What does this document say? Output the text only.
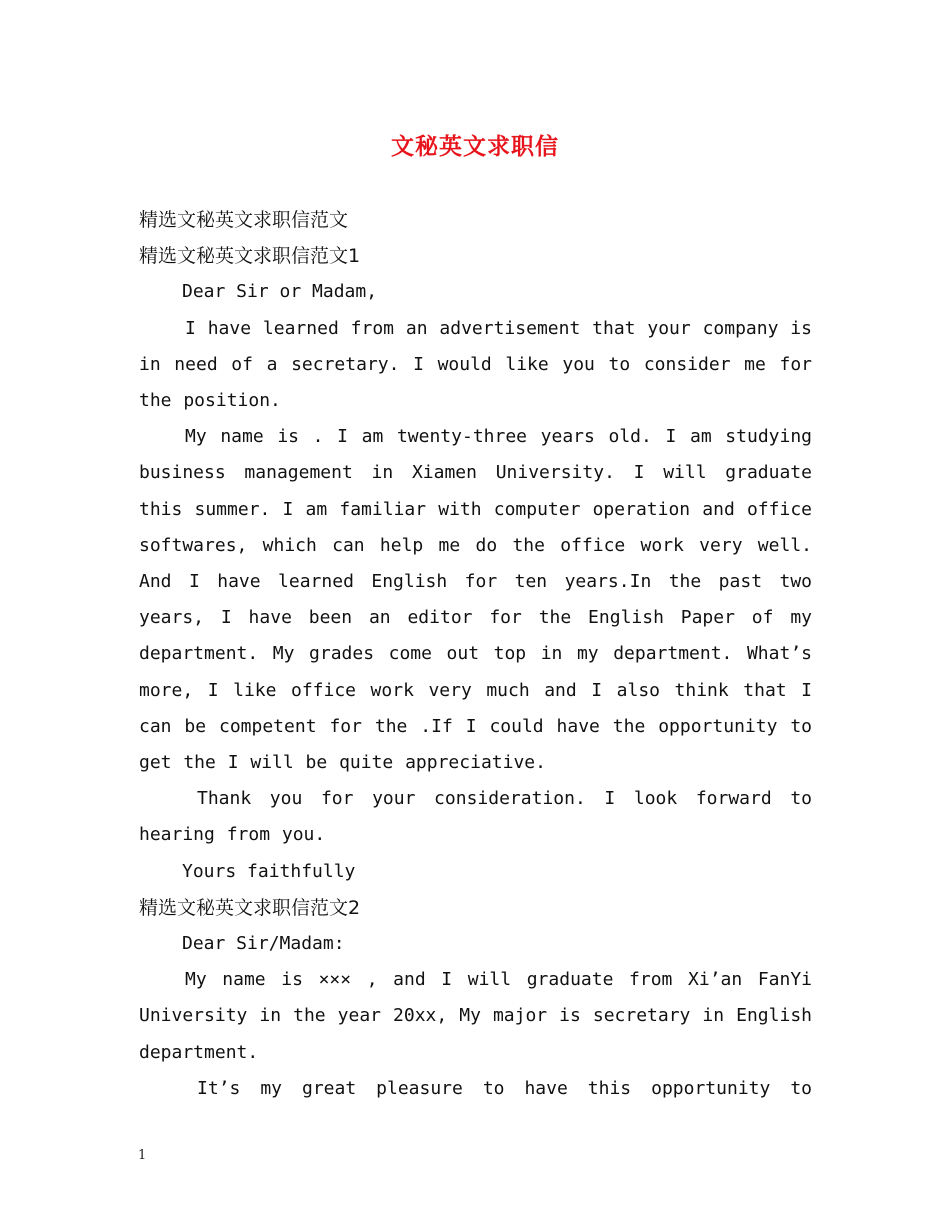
文秘英文求职信
精选文秘英文求职信范文
精选文秘英文求职信范文1
Dear Sir or Madam,
I have learned from an advertisement that your company is in need of a secretary. I would like you to consider me for the position.
My name is . I am twenty-three years old. I am studying business management in Xiamen University. I will graduate this summer. I am familiar with computer operation and office softwares, which can help me do the office work very well. And I have learned English for ten years.In the past two years, I have been an editor for the English Paper of my department. My grades come out top in my department. What’s more, I like office work very much and I also think that I can be competent for the .If I could have the opportunity to get the I will be quite appreciative.
Thank you for your consideration. I look forward to hearing from you.
Yours faithfully
精选文秘英文求职信范文2
Dear Sir/Madam:
My name is ××× , and I will graduate from Xi’an FanYi University in the year 20xx, My major is secretary in English department.
It’s my great pleasure to have this opportunity to
1
